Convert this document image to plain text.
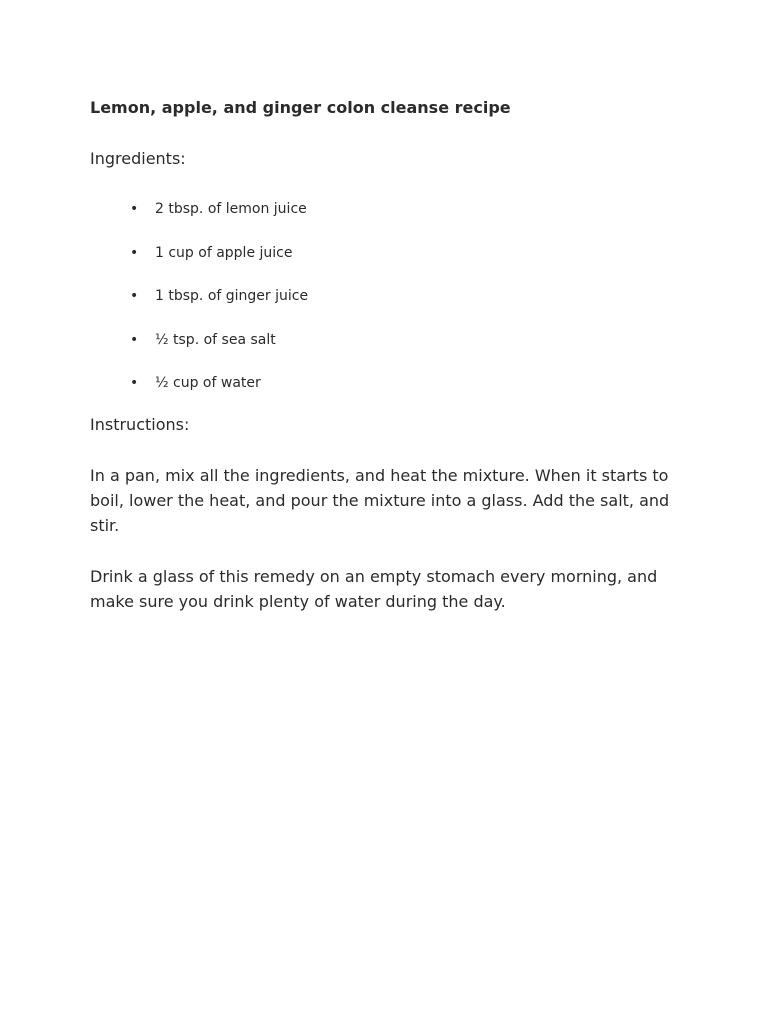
Lemon, apple, and ginger colon cleanse recipe

Ingredients:

• 2 tbsp. of lemon juice
• 1 cup of apple juice
• 1 tbsp. of ginger juice
• ½ tsp. of sea salt
• ½ cup of water

Instructions:

In a pan, mix all the ingredients, and heat the mixture. When it starts to boil, lower the heat, and pour the mixture into a glass. Add the salt, and stir.

Drink a glass of this remedy on an empty stomach every morning, and make sure you drink plenty of water during the day.
